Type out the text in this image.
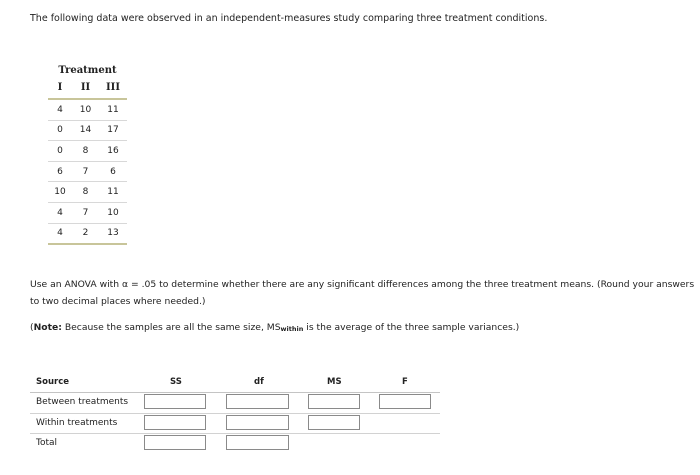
The following data were observed in an independent-measures study comparing three treatment conditions.

Treatment
I	II	III
4	10	11
0	14	17
0	8	16
6	7	6
10	8	11
4	7	10
4	2	13

Use an ANOVA with α = .05 to determine whether there are any significant differences among the three treatment means. (Round your answers to two decimal places where needed.)

(Note: Because the samples are all the same size, $MS_{within}$ is the average of the three sample variances.)

Source	SS	df	MS	F
Between treatments
Within treatments
Total
